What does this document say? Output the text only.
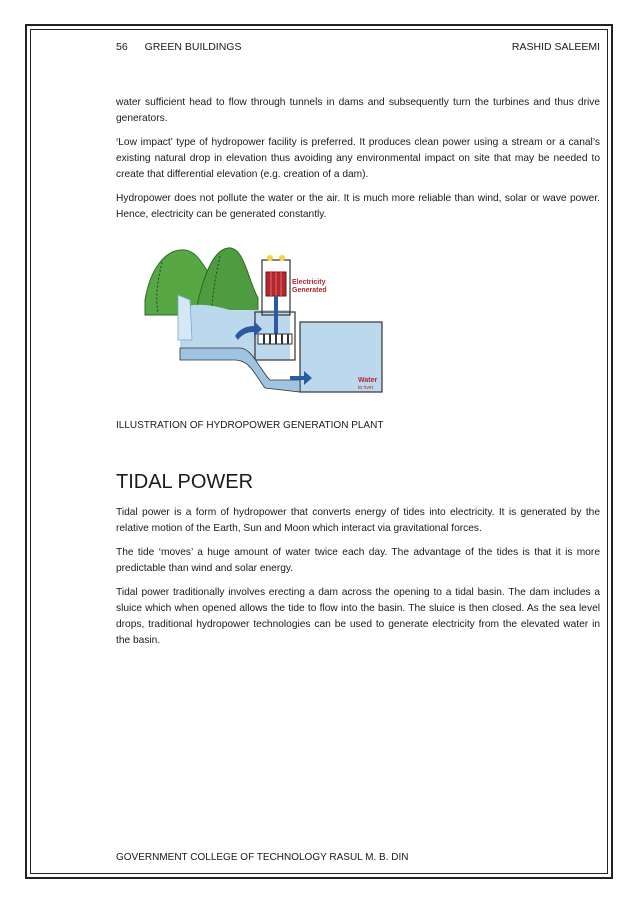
56 GREEN BUILDINGS	RASHID SALEEMI

water sufficient head to flow through tunnels in dams and subsequently turn the turbines and thus drive generators.

‘Low impact’ type of hydropower facility is preferred. It produces clean power using a stream or a canal’s existing natural drop in elevation thus avoiding any environmental impact on site that may be needed to create that differential elevation (e.g. creation of a dam).

Hydropower does not pollute the water or the air. It is much more reliable than wind, solar or wave power. Hence, electricity can be generated constantly.

Electricity
Generated
Water
to river
ILLUSTRATION OF HYDROPOWER GENERATION PLANT
TIDAL POWER

Tidal power is a form of hydropower that converts energy of tides into electricity. It is generated by the relative motion of the Earth, Sun and Moon which interact via gravitational forces.

The tide ‘moves’ a huge amount of water twice each day. The advantage of the tides is that it is more predictable than wind and solar energy.

Tidal power traditionally involves erecting a dam across the opening to a tidal basin. The dam includes a sluice which when opened allows the tide to flow into the basin. The sluice is then closed. As the sea level drops, traditional hydropower technologies can be used to generate electricity from the elevated water in the basin.

GOVERNMENT COLLEGE OF TECHNOLOGY RASUL M. B. DIN
